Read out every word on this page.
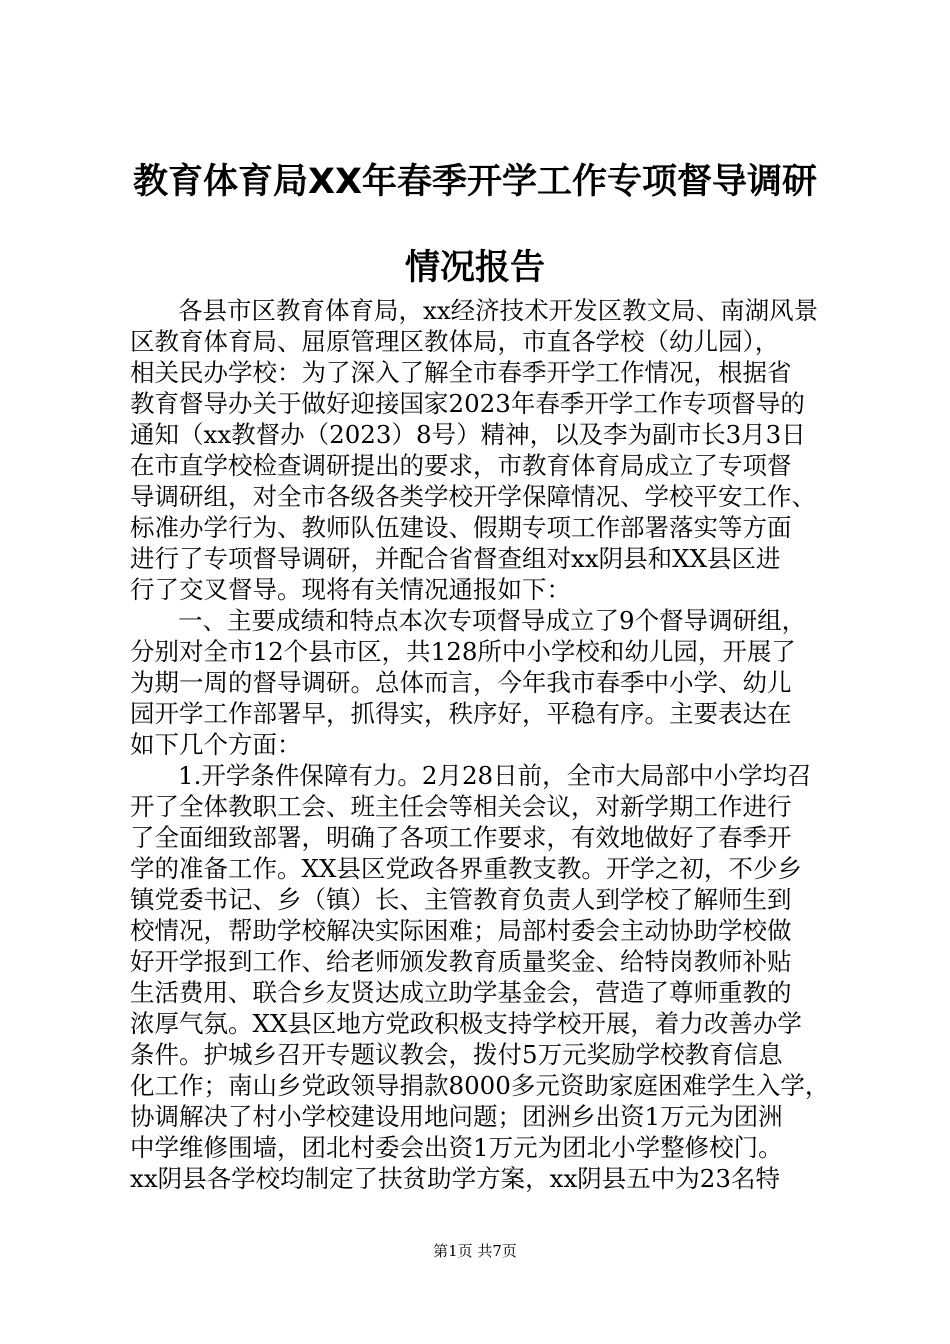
教育体育局XX年春季开学工作专项督导调研
情况报告
各县市区教育体育局，xx经济技术开发区教文局、南湖风景
区教育体育局、屈原管理区教体局，市直各学校（幼儿园），
相关民办学校：为了深入了解全市春季开学工作情况，根据省
教育督导办关于做好迎接国家2023年春季开学工作专项督导的
通知（xx教督办（2023）8号）精神，以及李为副市长3月3日
在市直学校检查调研提出的要求，市教育体育局成立了专项督
导调研组，对全市各级各类学校开学保障情况、学校平安工作、
标准办学行为、教师队伍建设、假期专项工作部署落实等方面
进行了专项督导调研，并配合省督查组对xx阴县和XX县区进
行了交叉督导。现将有关情况通报如下：
一、主要成绩和特点本次专项督导成立了9个督导调研组，
分别对全市12个县市区，共128所中小学校和幼儿园，开展了
为期一周的督导调研。总体而言，今年我市春季中小学、幼儿
园开学工作部署早，抓得实，秩序好，平稳有序。主要表达在
如下几个方面：
1.开学条件保障有力。2月28日前，全市大局部中小学均召
开了全体教职工会、班主任会等相关会议，对新学期工作进行
了全面细致部署，明确了各项工作要求，有效地做好了春季开
学的准备工作。XX县区党政各界重教支教。开学之初，不少乡
镇党委书记、乡（镇）长、主管教育负责人到学校了解师生到
校情况，帮助学校解决实际困难；局部村委会主动协助学校做
好开学报到工作、给老师颁发教育质量奖金、给特岗教师补贴
生活费用、联合乡友贤达成立助学基金会，营造了尊师重教的
浓厚气氛。XX县区地方党政积极支持学校开展，着力改善办学
条件。护城乡召开专题议教会，拨付5万元奖励学校教育信息
化工作；南山乡党政领导捐款8000多元资助家庭困难学生入学，
协调解决了村小学校建设用地问题；团洲乡出资1万元为团洲
中学维修围墙，团北村委会出资1万元为团北小学整修校门。
xx阴县各学校均制定了扶贫助学方案，xx阴县五中为23名特
第1页 共7页
